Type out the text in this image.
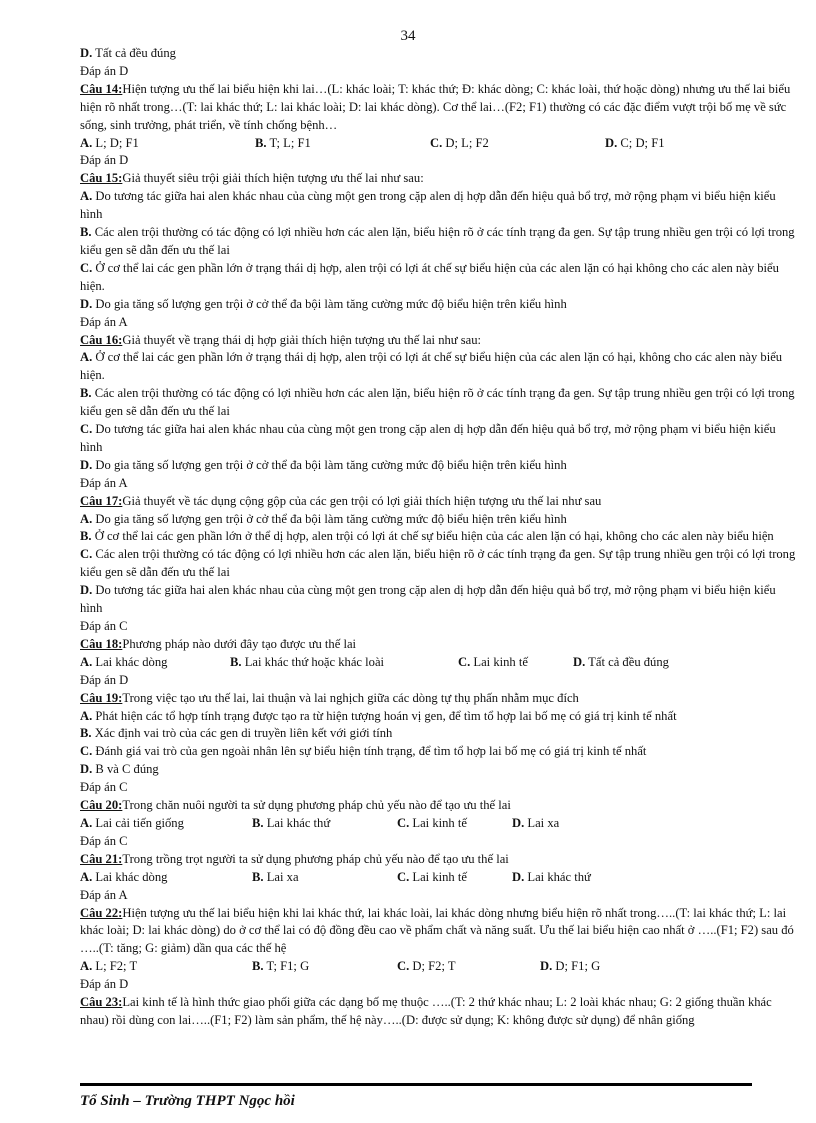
34
D. Tất cả đều đúng
Đáp án D
Câu 14:Hiện tượng ưu thế lai biểu hiện khi lai…(L: khác loài; T: khác thứ; Đ: khác dòng; C: khác loài, thứ hoặc dòng) nhưng ưu thế lai biểu hiện rõ nhất trong…(T: lai khác thứ; L: lai khác loài; D: lai khác dòng). Cơ thể lai…(F2; F1) thường có các đặc điểm vượt trội bố mẹ về sức sống, sinh trưởng, phát triển, về tính chống bệnh…
A. L; D; F1	B. T; L; F1	C. D; L; F2	D. C; D; F1
Đáp án D
Câu 15:Giả thuyết siêu trội giải thích hiện tượng ưu thế lai như sau:
A. Do tương tác giữa hai alen khác nhau của cùng một gen trong cặp alen dị hợp dẫn đến hiệu quả bổ trợ, mở rộng phạm vi biểu hiện kiểu hình
B. Các alen trội thường có tác động có lợi nhiều hơn các alen lặn, biểu hiện rõ ở các tính trạng đa gen. Sự tập trung nhiều gen trội có lợi trong kiểu gen sẽ dẫn đến ưu thế lai
C. Ở cơ thể lai các gen phần lớn ở trạng thái dị hợp, alen trội có lợi át chế sự biểu hiện của các alen lặn có hại không cho các alen này biểu hiện.
D. Do gia tăng số lượng gen trội ở cở thể đa bội làm tăng cường mức độ biểu hiện trên kiểu hình
Đáp án A
Câu 16:Giả thuyết về trạng thái dị hợp giải thích hiện tượng ưu thế lai như sau:
A. Ở cơ thể lai các gen phần lớn ở trạng thái dị hợp, alen trội có lợi át chế sự biểu hiện của các alen lặn có hại, không cho các alen này biểu hiện.
B. Các alen trội thường có tác động có lợi nhiều hơn các alen lặn, biểu hiện rõ ở các tính trạng đa gen. Sự tập trung nhiều gen trội có lợi trong kiểu gen sẽ dẫn đến ưu thế lai
C. Do tương tác giữa hai alen khác nhau của cùng một gen trong cặp alen dị hợp dẫn đến hiệu quả bổ trợ, mở rộng phạm vi biểu hiện kiểu hình
D. Do gia tăng số lượng gen trội ở cở thể đa bội làm tăng cường mức độ biểu hiện trên kiểu hình
Đáp án A
Câu 17:Giả thuyết về tác dụng cộng gộp của các gen trội có lợi giải thích hiện tượng ưu thế lai như sau
A. Do gia tăng số lượng gen trội ở cở thể đa bội làm tăng cường mức độ biểu hiện trên kiểu hình
B. Ở cơ thể lai các gen phần lớn ở thể dị hợp, alen trội có lợi át chế sự biểu hiện của các alen lặn có hại, không cho các alen này biểu hiện
C. Các alen trội thường có tác động có lợi nhiều hơn các alen lặn, biểu hiện rõ ở các tính trạng đa gen. Sự tập trung nhiều gen trội có lợi trong kiểu gen sẽ dẫn đến ưu thế lai
D. Do tương tác giữa hai alen khác nhau của cùng một gen trong cặp alen dị hợp dẫn đến hiệu quả bổ trợ, mở rộng phạm vi biểu hiện kiểu hình
Đáp án C
Câu 18:Phương pháp nào dưới đây tạo được ưu thế lai
A. Lai khác dòng	B. Lai khác thứ hoặc khác loài	C. Lai kinh tế	D. Tất cả đều đúng
Đáp án D
Câu 19:Trong việc tạo ưu thế lai, lai thuận và lai nghịch giữa các dòng tự thụ phấn nhằm mục đích
A. Phát hiện các tổ hợp tính trạng được tạo ra từ hiện tượng hoán vị gen, để tìm tổ hợp lai bố mẹ có giá trị kinh tế nhất
B. Xác định vai trò của các gen di truyền liên kết với giới tính
C. Đánh giá vai trò của gen ngoài nhân lên sự biểu hiện tính trạng, để tìm tổ hợp lai bố mẹ có giá trị kinh tế nhất
D. B và C đúng
Đáp án C
Câu 20:Trong chăn nuôi người ta sử dụng phương pháp chủ yếu nào để tạo ưu thế lai
A. Lai cải tiến giống	B. Lai khác thứ	C. Lai kinh tế	D. Lai xa
Đáp án C
Câu 21:Trong trồng trọt người ta sử dụng phương pháp chủ yếu nào để tạo ưu thế lai
A. Lai khác dòng	B. Lai xa	C. Lai kinh tế	D. Lai khác thứ
Đáp án A
Câu 22:Hiện tượng ưu thế lai biểu hiện khi lai khác thứ, lai khác loài, lai khác dòng nhưng biểu hiện rõ nhất trong…..(T: lai khác thứ; L: lai khác loài; D: lai khác dòng) do ở cơ thể lai có độ đồng đều cao về phẩm chất và năng suất. Ưu thế lai biểu hiện cao nhất ở …..(F1; F2) sau đó …..(T: tăng; G: giảm) dần qua các thế hệ
A. L; F2; T	B. T; F1; G	C. D; F2; T	D. D; F1; G
Đáp án D
Câu 23:Lai kinh tế là hình thức giao phối giữa các dạng bố mẹ thuộc …..(T: 2 thứ khác nhau; L: 2 loài khác nhau; G: 2 giống thuần khác nhau) rồi dùng con lai…..(F1; F2) làm sản phẩm, thế hệ này…..(D: được sử dụng; K: không được sử dụng) để nhân giống
Tổ Sinh – Trường THPT Ngọc hồi
